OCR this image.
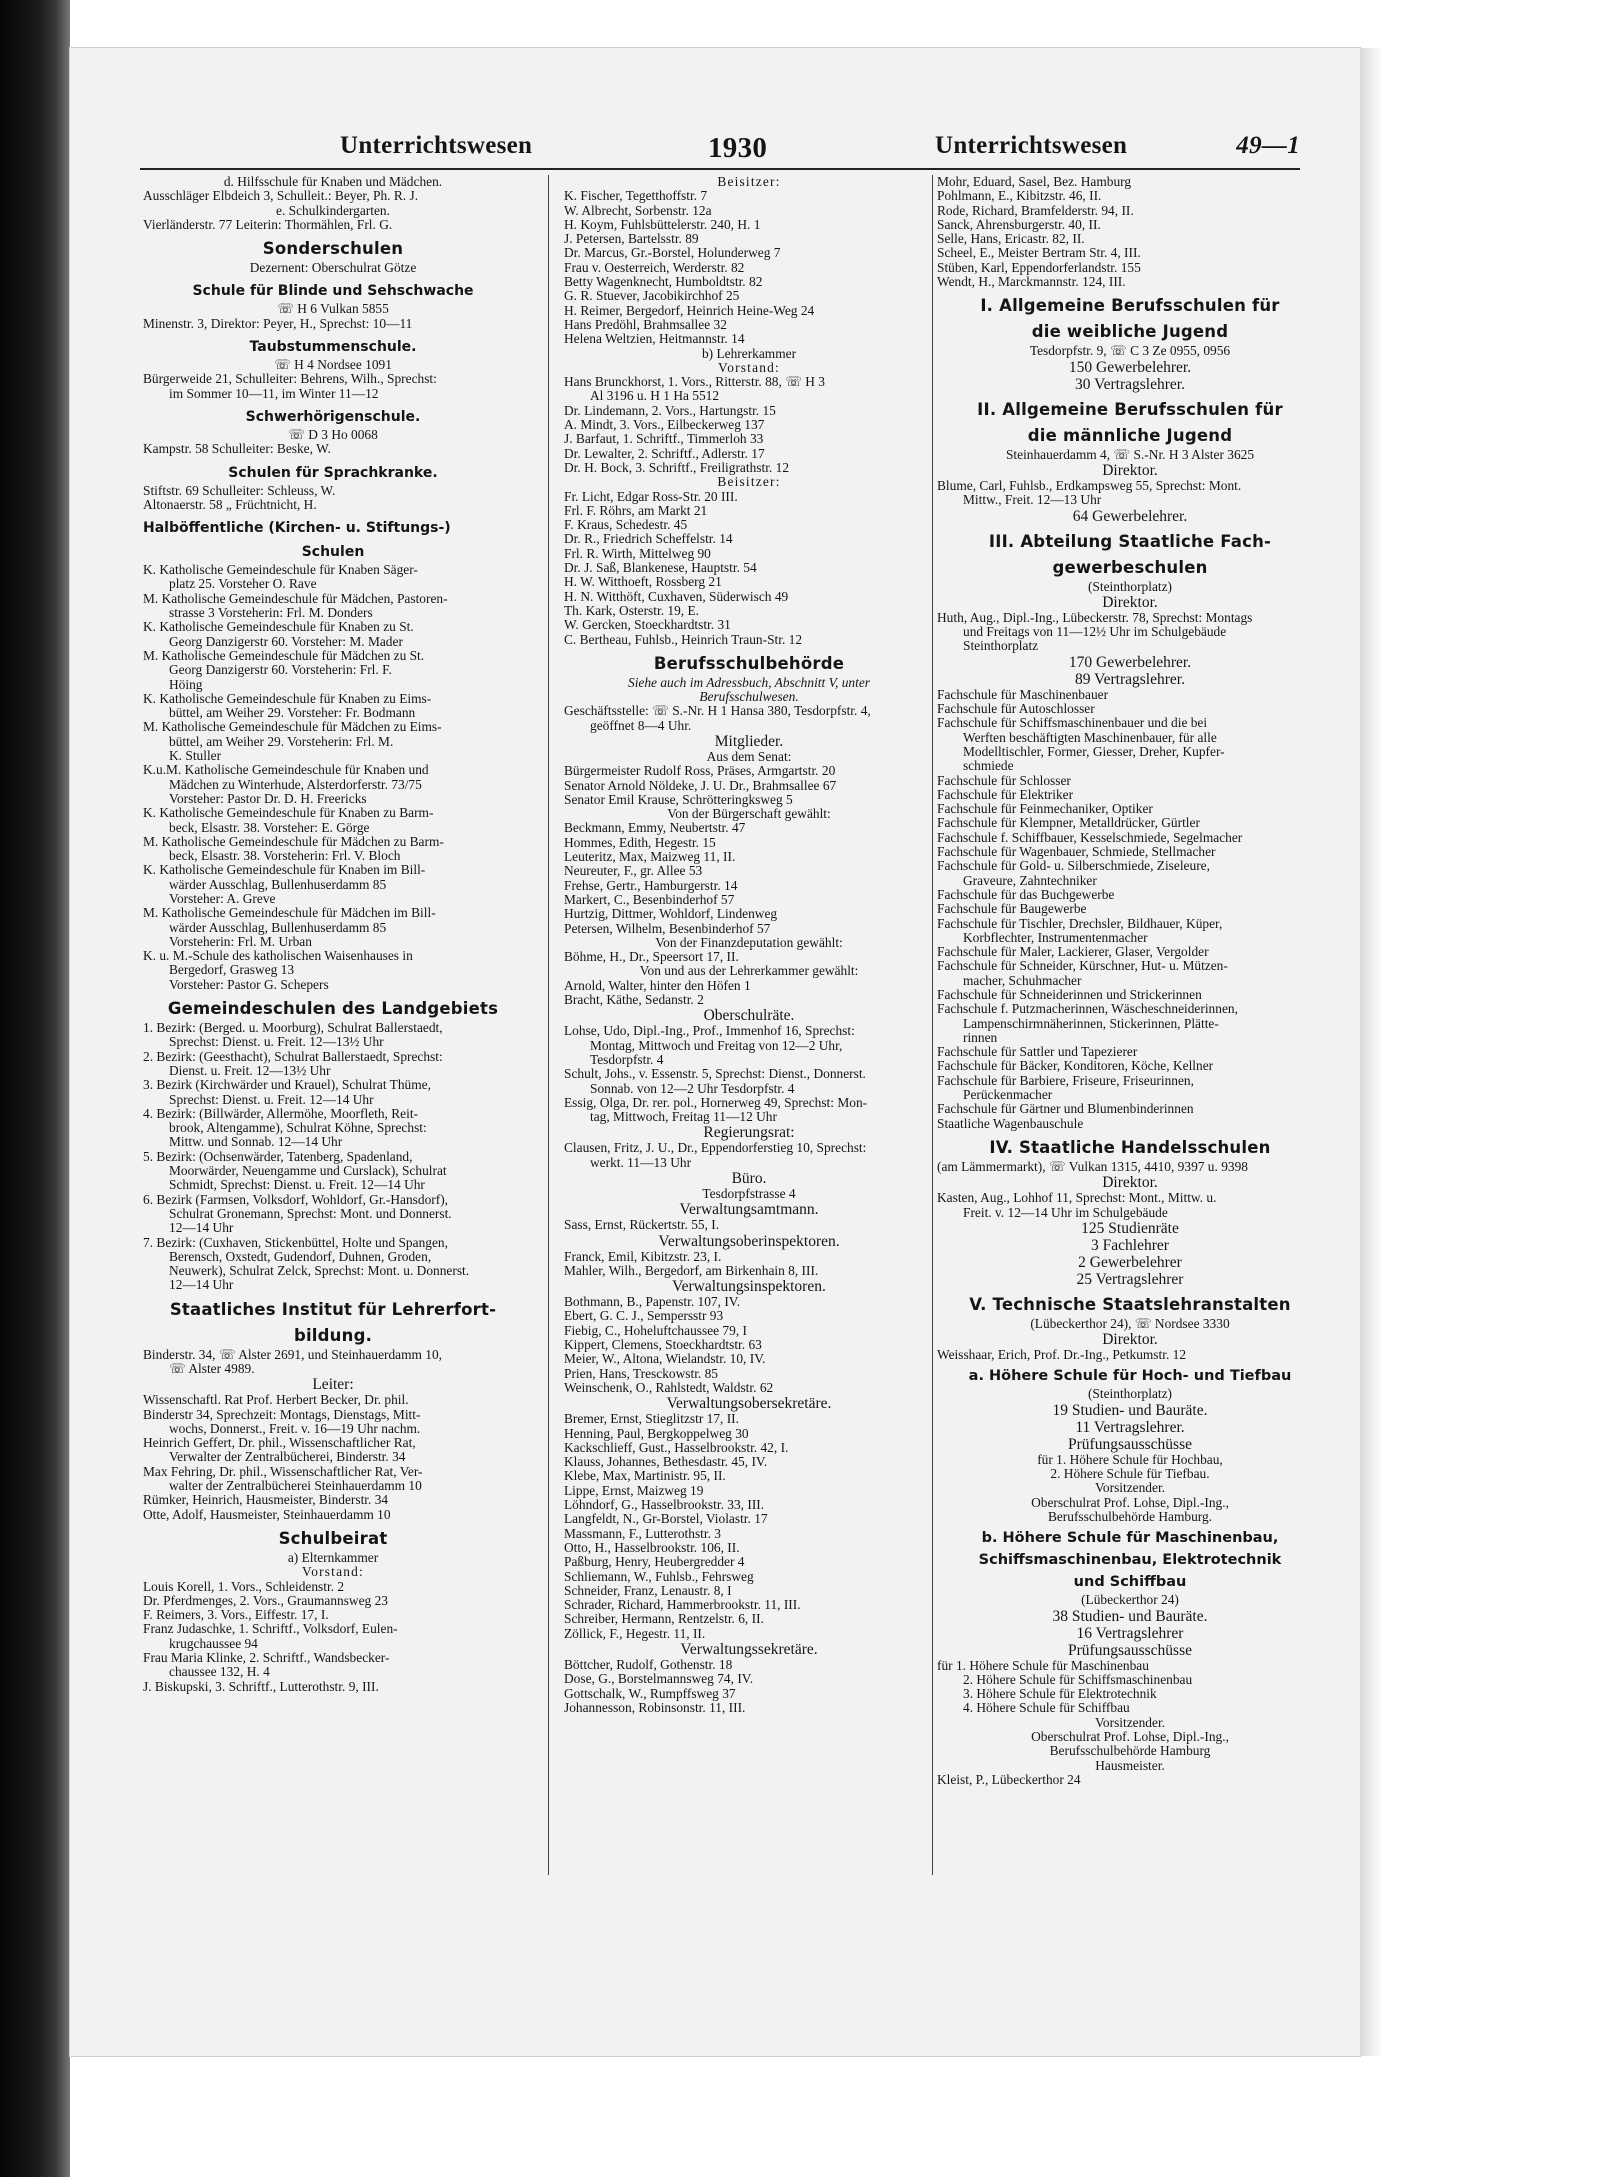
Unterrichtswesen	1930	Unterrichtswesen	49—1
d. Hilfsschule für Knaben und Mädchen.
Ausschläger Elbdeich 3, Schulleit.: Beyer, Ph. R. J.
e. Schulkindergarten.
Vierländerstr. 77 Leiterin: Thormählen, Frl. G.
Sonderschulen
Dezernent: Oberschulrat Götze
Schule für Blinde und Sehschwache
☏ H 6 Vulkan 5855
Minenstr. 3, Direktor: Peyer, H., Sprechst: 10—11
Taubstummenschule.
☏ H 4 Nordsee 1091
Bürgerweide 21, Schulleiter: Behrens, Wilh., Sprechst:
im Sommer 10—11, im Winter 11—12
Schwerhörigenschule.
☏ D 3 Ho 0068
Kampstr. 58 Schulleiter: Beske, W.
Schulen für Sprachkranke.
Stiftstr. 69 Schulleiter: Schleuss, W.
Altonaerstr. 58 „ Früchtnicht, H.
Halböffentliche (Kirchen- u. Stiftungs-)
Schulen
K. Katholische Gemeindeschule für Knaben Säger-
platz 25. Vorsteher O. Rave
M. Katholische Gemeindeschule für Mädchen, Pastoren-
strasse 3 Vorsteherin: Frl. M. Donders
K. Katholische Gemeindeschule für Knaben zu St.
Georg Danzigerstr 60. Vorsteher: M. Mader
M. Katholische Gemeindeschule für Mädchen zu St.
Georg Danzigerstr 60. Vorsteherin: Frl. F.
Höing
K. Katholische Gemeindeschule für Knaben zu Eims-
büttel, am Weiher 29. Vorsteher: Fr. Bodmann
M. Katholische Gemeindeschule für Mädchen zu Eims-
büttel, am Weiher 29. Vorsteherin: Frl. M.
K. Stuller
K.u.M. Katholische Gemeindeschule für Knaben und
Mädchen zu Winterhude, Alsterdorferstr. 73/75
Vorsteher: Pastor Dr. D. H. Freericks
K. Katholische Gemeindeschule für Knaben zu Barm-
beck, Elsastr. 38. Vorsteher: E. Görge
M. Katholische Gemeindeschule für Mädchen zu Barm-
beck, Elsastr. 38. Vorsteherin: Frl. V. Bloch
K. Katholische Gemeindeschule für Knaben im Bill-
wärder Ausschlag, Bullenhuserdamm 85
Vorsteher: A. Greve
M. Katholische Gemeindeschule für Mädchen im Bill-
wärder Ausschlag, Bullenhuserdamm 85
Vorsteherin: Frl. M. Urban
K. u. M.-Schule des katholischen Waisenhauses in
Bergedorf, Grasweg 13
Vorsteher: Pastor G. Schepers
Gemeindeschulen des Landgebiets
1. Bezirk: (Berged. u. Moorburg), Schulrat Ballerstaedt,
Sprechst: Dienst. u. Freit. 12—13½ Uhr
2. Bezirk: (Geesthacht), Schulrat Ballerstaedt, Sprechst:
Dienst. u. Freit. 12—13½ Uhr
3. Bezirk (Kirchwärder und Krauel), Schulrat Thüme,
Sprechst: Dienst. u. Freit. 12—14 Uhr
4. Bezirk: (Billwärder, Allermöhe, Moorfleth, Reit-
brook, Altengamme), Schulrat Köhne, Sprechst:
Mittw. und Sonnab. 12—14 Uhr
5. Bezirk: (Ochsenwärder, Tatenberg, Spadenland,
Moorwärder, Neuengamme und Curslack), Schulrat
Schmidt, Sprechst: Dienst. u. Freit. 12—14 Uhr
6. Bezirk (Farmsen, Volksdorf, Wohldorf, Gr.-Hansdorf),
Schulrat Gronemann, Sprechst: Mont. und Donnerst.
12—14 Uhr
7. Bezirk: (Cuxhaven, Stickenbüttel, Holte und Spangen,
Berensch, Oxstedt, Gudendorf, Duhnen, Groden,
Neuwerk), Schulrat Zelck, Sprechst: Mont. u. Donnerst.
12—14 Uhr
Staatliches Institut für Lehrerfort-
bildung.
Binderstr. 34, ☏ Alster 2691, und Steinhauerdamm 10,
☏ Alster 4989.
Leiter:
Wissenschaftl. Rat Prof. Herbert Becker, Dr. phil.
Binderstr 34, Sprechzeit: Montags, Dienstags, Mitt-
wochs, Donnerst., Freit. v. 16—19 Uhr nachm.
Heinrich Geffert, Dr. phil., Wissenschaftlicher Rat,
Verwalter der Zentralbücherei, Binderstr. 34
Max Fehring, Dr. phil., Wissenschaftlicher Rat, Ver-
walter der Zentralbücherei Steinhauerdamm 10
Rümker, Heinrich, Hausmeister, Binderstr. 34
Otte, Adolf, Hausmeister, Steinhauerdamm 10
Schulbeirat
a) Elternkammer
Vorstand:
Louis Korell, 1. Vors., Schleidenstr. 2
Dr. Pferdmenges, 2. Vors., Graumannsweg 23
F. Reimers, 3. Vors., Eiffestr. 17, I.
Franz Judaschke, 1. Schriftf., Volksdorf, Eulen-
krugchaussee 94
Frau Maria Klinke, 2. Schriftf., Wandsbecker-
chaussee 132, H. 4
J. Biskupski, 3. Schriftf., Lutterothstr. 9, III.
Beisitzer:
K. Fischer, Tegetthoffstr. 7
W. Albrecht, Sorbenstr. 12a
H. Koym, Fuhlsbüttelerstr. 240, H. 1
J. Petersen, Bartelsstr. 89
Dr. Marcus, Gr.-Borstel, Holunderweg 7
Frau v. Oesterreich, Werderstr. 82
Betty Wagenknecht, Humboldtstr. 82
G. R. Stuever, Jacobikirchhof 25
H. Reimer, Bergedorf, Heinrich Heine-Weg 24
Hans Predöhl, Brahmsallee 32
Helena Weltzien, Heitmannstr. 14
b) Lehrerkammer
Vorstand:
Hans Brunckhorst, 1. Vors., Ritterstr. 88, ☏ H 3
Al 3196 u. H 1 Ha 5512
Dr. Lindemann, 2. Vors., Hartungstr. 15
A. Mindt, 3. Vors., Eilbeckerweg 137
J. Barfaut, 1. Schriftf., Timmerloh 33
Dr. Lewalter, 2. Schriftf., Adlerstr. 17
Dr. H. Bock, 3. Schriftf., Freiligrathstr. 12
Beisitzer:
Fr. Licht, Edgar Ross-Str. 20 III.
Frl. F. Röhrs, am Markt 21
F. Kraus, Schedestr. 45
Dr. R., Friedrich Scheffelstr. 14
Frl. R. Wirth, Mittelweg 90
Dr. J. Saß, Blankenese, Hauptstr. 54
H. W. Witthoeft, Rossberg 21
H. N. Witthöft, Cuxhaven, Süderwisch 49
Th. Kark, Osterstr. 19, E.
W. Gercken, Stoeckhardtstr. 31
C. Bertheau, Fuhlsb., Heinrich Traun-Str. 12
Berufsschulbehörde
Siehe auch im Adressbuch, Abschnitt V, unter
Berufsschulwesen.
Geschäftsstelle: ☏ S.-Nr. H 1 Hansa 380, Tesdorpfstr. 4,
geöffnet 8—4 Uhr.
Mitglieder.
Aus dem Senat:
Bürgermeister Rudolf Ross, Präses, Armgartstr. 20
Senator Arnold Nöldeke, J. U. Dr., Brahmsallee 67
Senator Emil Krause, Schrötteringksweg 5
Von der Bürgerschaft gewählt:
Beckmann, Emmy, Neubertstr. 47
Hommes, Edith, Hegestr. 15
Leuteritz, Max, Maizweg 11, II.
Neureuter, F., gr. Allee 53
Frehse, Gertr., Hamburgerstr. 14
Markert, C., Besenbinderhof 57
Hurtzig, Dittmer, Wohldorf, Lindenweg
Petersen, Wilhelm, Besenbinderhof 57
Von der Finanzdeputation gewählt:
Böhme, H., Dr., Speersort 17, II.
Von und aus der Lehrerkammer gewählt:
Arnold, Walter, hinter den Höfen 1
Bracht, Käthe, Sedanstr. 2
Oberschulräte.
Lohse, Udo, Dipl.-Ing., Prof., Immenhof 16, Sprechst:
Montag, Mittwoch und Freitag von 12—2 Uhr,
Tesdorpfstr. 4
Schult, Johs., v. Essenstr. 5, Sprechst: Dienst., Donnerst.
Sonnab. von 12—2 Uhr Tesdorpfstr. 4
Essig, Olga, Dr. rer. pol., Hornerweg 49, Sprechst: Mon-
tag, Mittwoch, Freitag 11—12 Uhr
Regierungsrat:
Clausen, Fritz, J. U., Dr., Eppendorferstieg 10, Sprechst:
werkt. 11—13 Uhr
Büro.
Tesdorpfstrasse 4
Verwaltungsamtmann.
Sass, Ernst, Rückertstr. 55, I.
Verwaltungsoberinspektoren.
Franck, Emil, Kibitzstr. 23, I.
Mahler, Wilh., Bergedorf, am Birkenhain 8, III.
Verwaltungsinspektoren.
Bothmann, B., Papenstr. 107, IV.
Ebert, G. C. J., Sempersstr 93
Fiebig, C., Hoheluftchaussee 79, I
Kippert, Clemens, Stoeckhardtstr. 63
Meier, W., Altona, Wielandstr. 10, IV.
Prien, Hans, Tresckowstr. 85
Weinschenk, O., Rahlstedt, Waldstr. 62
Verwaltungsobersekretäre.
Bremer, Ernst, Stieglitzstr 17, II.
Henning, Paul, Bergkoppelweg 30
Kackschlieff, Gust., Hasselbrookstr. 42, I.
Klauss, Johannes, Bethesdastr. 45, IV.
Klebe, Max, Martinistr. 95, II.
Lippe, Ernst, Maizweg 19
Löhndorf, G., Hasselbrookstr. 33, III.
Langfeldt, N., Gr-Borstel, Violastr. 17
Massmann, F., Lutterothstr. 3
Otto, H., Hasselbrookstr. 106, II.
Paßburg, Henry, Heubergredder 4
Schliemann, W., Fuhlsb., Fehrsweg
Schneider, Franz, Lenaustr. 8, I
Schrader, Richard, Hammerbrookstr. 11, III.
Schreiber, Hermann, Rentzelstr. 6, II.
Zöllick, F., Hegestr. 11, II.
Verwaltungssekretäre.
Böttcher, Rudolf, Gothenstr. 18
Dose, G., Borstelmannsweg 74, IV.
Gottschalk, W., Rumpffsweg 37
Johannesson, Robinsonstr. 11, III.
Mohr, Eduard, Sasel, Bez. Hamburg
Pohlmann, E., Kibitzstr. 46, II.
Rode, Richard, Bramfelderstr. 94, II.
Sanck, Ahrensburgerstr. 40, II.
Selle, Hans, Ericastr. 82, II.
Scheel, E., Meister Bertram Str. 4, III.
Stüben, Karl, Eppendorferlandstr. 155
Wendt, H., Marckmannstr. 124, III.
I. Allgemeine Berufsschulen für
die weibliche Jugend
Tesdorpfstr. 9, ☏ C 3 Ze 0955, 0956
150 Gewerbelehrer.
30 Vertragslehrer.
II. Allgemeine Berufsschulen für
die männliche Jugend
Steinhauerdamm 4, ☏ S.-Nr. H 3 Alster 3625
Direktor.
Blume, Carl, Fuhlsb., Erdkampsweg 55, Sprechst: Mont.
Mittw., Freit. 12—13 Uhr
64 Gewerbelehrer.
III. Abteilung Staatliche Fach-
gewerbeschulen
(Steinthorplatz)
Direktor.
Huth, Aug., Dipl.-Ing., Lübeckerstr. 78, Sprechst: Montags
und Freitags von 11—12½ Uhr im Schulgebäude
Steinthorplatz
170 Gewerbelehrer.
89 Vertragslehrer.
Fachschule für Maschinenbauer
Fachschule für Autoschlosser
Fachschule für Schiffsmaschinenbauer und die bei
Werften beschäftigten Maschinenbauer, für alle
Modelltischler, Former, Giesser, Dreher, Kupfer-
schmiede
Fachschule für Schlosser
Fachschule für Elektriker
Fachschule für Feinmechaniker, Optiker
Fachschule für Klempner, Metalldrücker, Gürtler
Fachschule f. Schiffbauer, Kesselschmiede, Segelmacher
Fachschule für Wagenbauer, Schmiede, Stellmacher
Fachschule für Gold- u. Silberschmiede, Ziseleure,
Graveure, Zahntechniker
Fachschule für das Buchgewerbe
Fachschule für Baugewerbe
Fachschule für Tischler, Drechsler, Bildhauer, Küper,
Korbflechter, Instrumentenmacher
Fachschule für Maler, Lackierer, Glaser, Vergolder
Fachschule für Schneider, Kürschner, Hut- u. Mützen-
macher, Schuhmacher
Fachschule für Schneiderinnen und Strickerinnen
Fachschule f. Putzmacherinnen, Wäscheschneiderinnen,
Lampenschirmnäherinnen, Stickerinnen, Plätte-
rinnen
Fachschule für Sattler und Tapezierer
Fachschule für Bäcker, Konditoren, Köche, Kellner
Fachschule für Barbiere, Friseure, Friseurinnen,
Perückenmacher
Fachschule für Gärtner und Blumenbinderinnen
Staatliche Wagenbauschule
IV. Staatliche Handelsschulen
(am Lämmermarkt), ☏ Vulkan 1315, 4410, 9397 u. 9398
Direktor.
Kasten, Aug., Lohhof 11, Sprechst: Mont., Mittw. u.
Freit. v. 12—14 Uhr im Schulgebäude
125 Studienräte
3 Fachlehrer
2 Gewerbelehrer
25 Vertragslehrer
V. Technische Staatslehranstalten
(Lübeckerthor 24), ☏ Nordsee 3330
Direktor.
Weisshaar, Erich, Prof. Dr.-Ing., Petkumstr. 12
a. Höhere Schule für Hoch- und Tiefbau
(Steinthorplatz)
19 Studien- und Bauräte.
11 Vertragslehrer.
Prüfungsausschüsse
für 1. Höhere Schule für Hochbau,
2. Höhere Schule für Tiefbau.
Vorsitzender.
Oberschulrat Prof. Lohse, Dipl.-Ing.,
Berufsschulbehörde Hamburg.
b. Höhere Schule für Maschinenbau,
Schiffsmaschinenbau, Elektrotechnik
und Schiffbau
(Lübeckerthor 24)
38 Studien- und Bauräte.
16 Vertragslehrer
Prüfungsausschüsse
für 1. Höhere Schule für Maschinenbau
2. Höhere Schule für Schiffsmaschinenbau
3. Höhere Schule für Elektrotechnik
4. Höhere Schule für Schiffbau
Vorsitzender.
Oberschulrat Prof. Lohse, Dipl.-Ing.,
Berufsschulbehörde Hamburg
Hausmeister.
Kleist, P., Lübeckerthor 24
